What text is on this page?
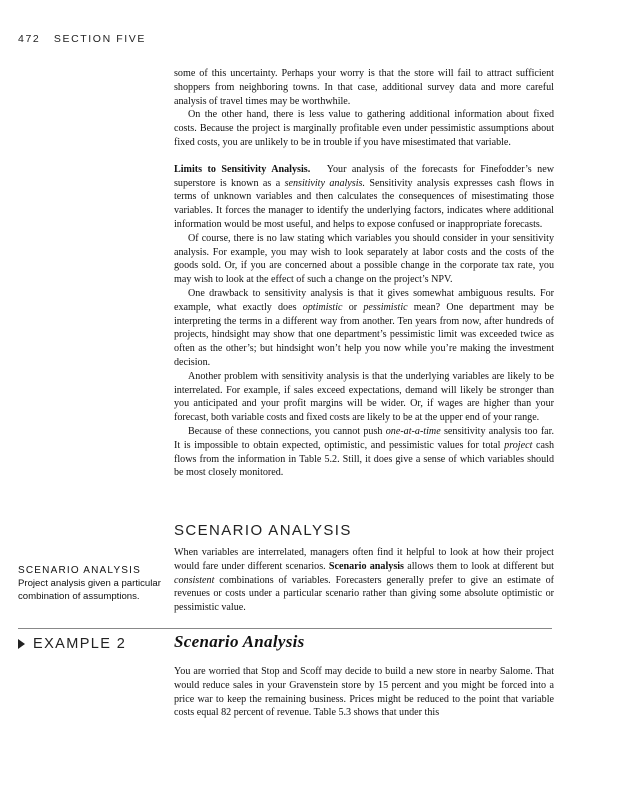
472 SECTION FIVE

some of this uncertainty. Perhaps your worry is that the store will fail to attract sufficient shoppers from neighboring towns. In that case, additional survey data and more careful analysis of travel times may be worthwhile.

On the other hand, there is less value to gathering additional information about fixed costs. Because the project is marginally profitable even under pessimistic assumptions about fixed costs, you are unlikely to be in trouble if you have misestimated that variable.

Limits to Sensitivity Analysis. Your analysis of the forecasts for Finefodder’s new superstore is known as a sensitivity analysis. Sensitivity analysis expresses cash flows in terms of unknown variables and then calculates the consequences of misestimating those variables. It forces the manager to identify the underlying factors, indicates where additional information would be most useful, and helps to expose confused or inappropriate forecasts.

Of course, there is no law stating which variables you should consider in your sensitivity analysis. For example, you may wish to look separately at labor costs and the costs of the goods sold. Or, if you are concerned about a possible change in the corporate tax rate, you may wish to look at the effect of such a change on the project’s NPV.

One drawback to sensitivity analysis is that it gives somewhat ambiguous results. For example, what exactly does optimistic or pessimistic mean? One department may be interpreting the terms in a different way from another. Ten years from now, after hundreds of projects, hindsight may show that one department’s pessimistic limit was exceeded twice as often as the other’s; but hindsight won’t help you now while you’re making the investment decision.

Another problem with sensitivity analysis is that the underlying variables are likely to be interrelated. For example, if sales exceed expectations, demand will likely be stronger than you anticipated and your profit margins will be wider. Or, if wages are higher than your forecast, both variable costs and fixed costs are likely to be at the upper end of your range.

Because of these connections, you cannot push one-at-a-time sensitivity analysis too far. It is impossible to obtain expected, optimistic, and pessimistic values for total project cash flows from the information in Table 5.2. Still, it does give a sense of which variables should be most closely monitored.

SCENARIO ANALYSIS

When variables are interrelated, managers often find it helpful to look at how their project would fare under different scenarios. Scenario analysis allows them to look at different but consistent combinations of variables. Forecasters generally prefer to give an estimate of revenues or costs under a particular scenario rather than giving some absolute optimistic or pessimistic value.

SCENARIO ANALYSIS
Project analysis given a particular combination of assumptions.
EXAMPLE 2	Scenario Analysis

You are worried that Stop and Scoff may decide to build a new store in nearby Salome. That would reduce sales in your Gravenstein store by 15 percent and you might be forced into a price war to keep the remaining business. Prices might be reduced to the point that variable costs equal 82 percent of revenue. Table 5.3 shows that under this
